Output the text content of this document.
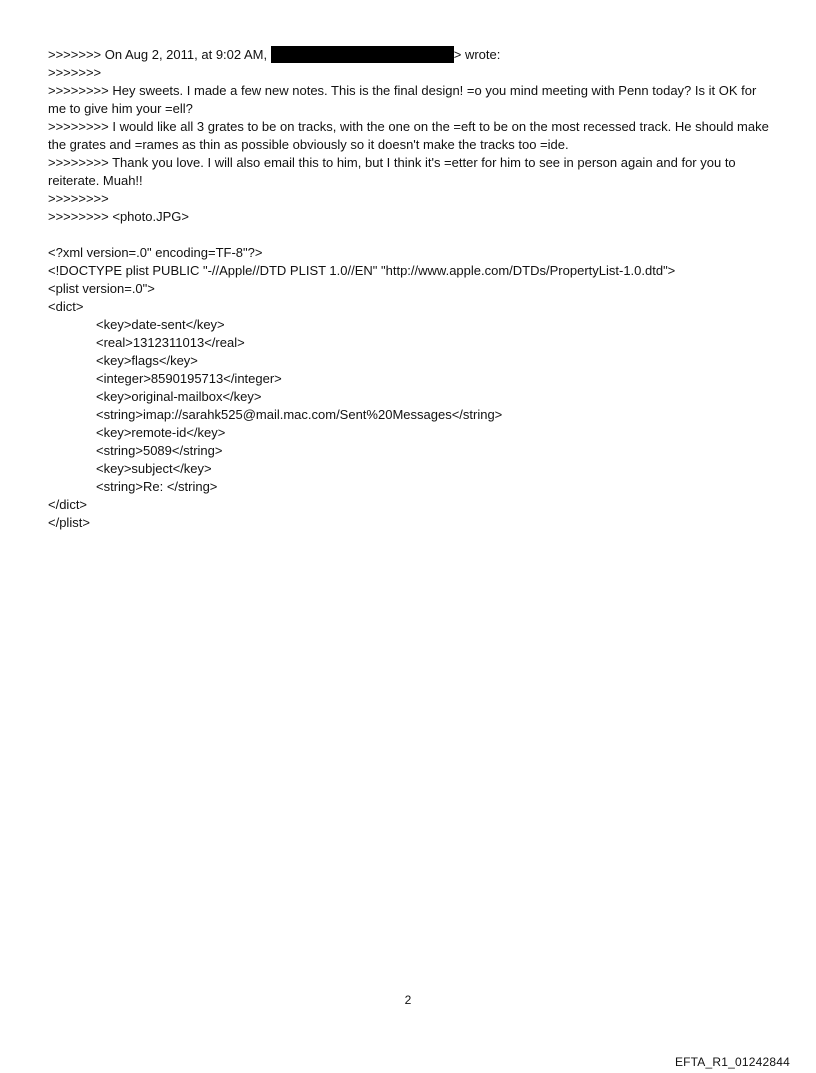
>>>>>>> On Aug 2, 2011, at 9:02 AM,	> wrote:

>>>>>>>

>>>>>>>> Hey sweets. I made a few new notes. This is the final design! =o you mind meeting with Penn today? Is it OK for me to give him your =ell?

>>>>>>>> I would like all 3 grates to be on tracks, with the one on the =eft to be on the most recessed track. He should make the grates and =rames as thin as possible obviously so it doesn't make the tracks too =ide.

>>>>>>>> Thank you love. I will also email this to him, but I think it's =etter for him to see in person again and for you to reiterate. Muah!!

>>>>>>>>

>>>>>>>> <photo.JPG>

<?xml version=.0" encoding=TF-8"?>

<!DOCTYPE plist PUBLIC "-//Apple//DTD PLIST 1.0//EN" "http://www.apple.com/DTDs/PropertyList-1.0.dtd">

<plist version=.0">

<dict>

<key>date-sent</key>

<real>1312311013</real>

<key>flags</key>

<integer>8590195713</integer>

<key>original-mailbox</key>

<string>imap://sarahk525@mail.mac.com/Sent%20Messages</string>

<key>remote-id</key>

<string>5089</string>

<key>subject</key>

<string>Re: </string>

</dict>

</plist>

2
EFTA_R1_01242844
